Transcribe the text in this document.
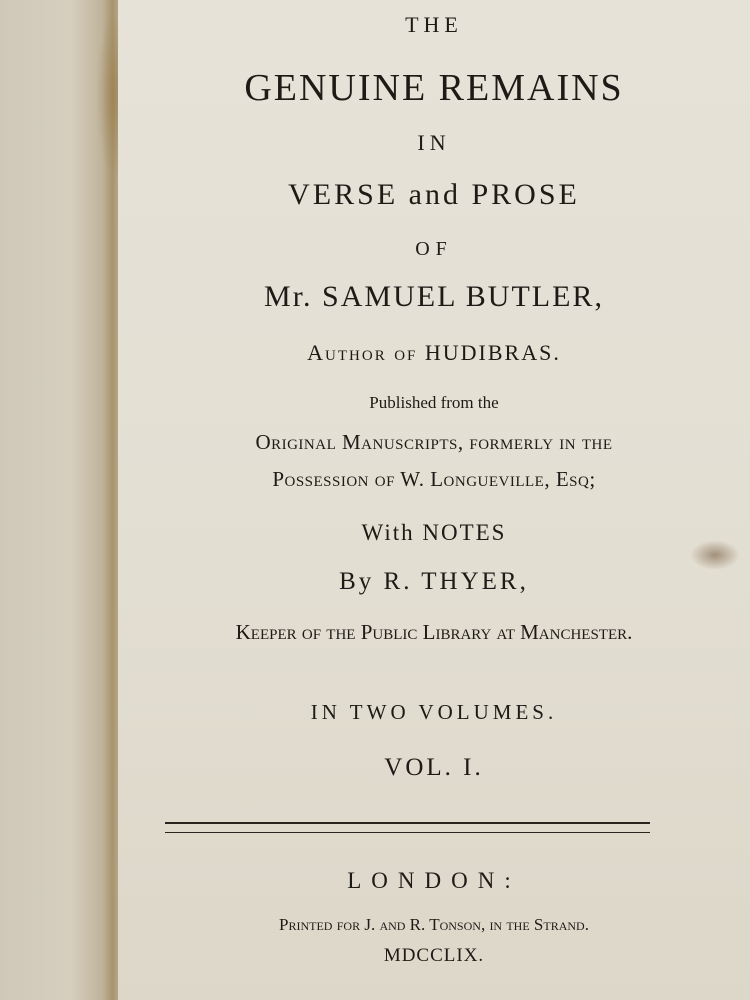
THE
GENUINE REMAINS
IN
VERSE and PROSE
OF
Mr. SAMUEL BUTLER,
Author of HUDIBRAS.
Published from the
Original Manuscripts, formerly in the
Possession of W. Longueville, Esq;
With NOTES
By R. THYER,
Keeper of the Public Library at Manchester.
IN TWO VOLUMES.
VOL. I.
LONDON:
Printed for J. and R. Tonson, in the Strand.
MDCCLIX.
